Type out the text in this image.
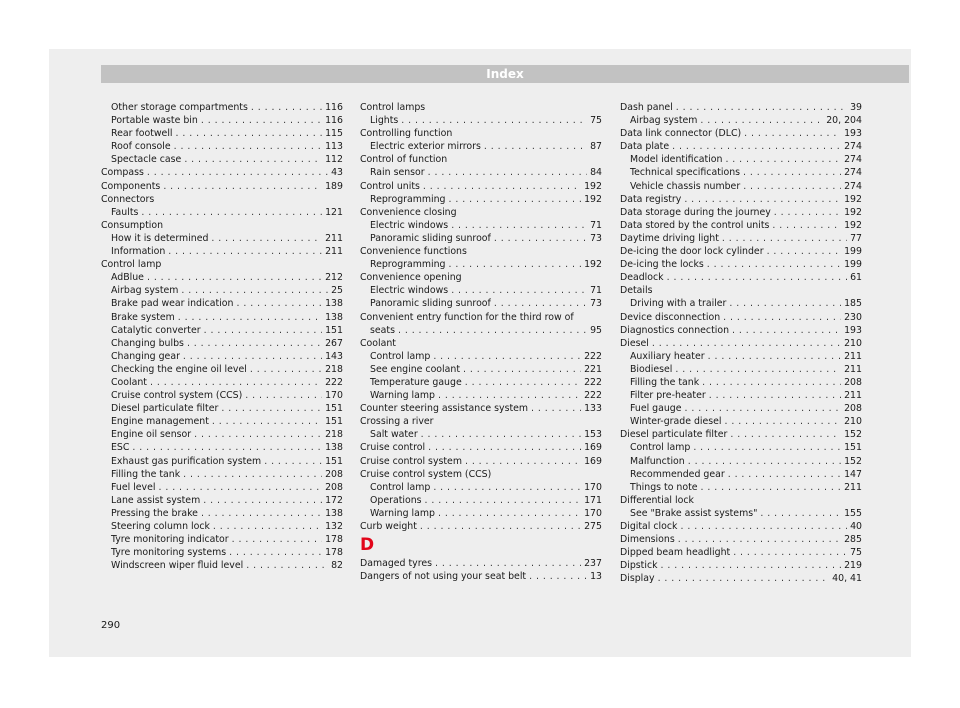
Index
Other storage compartments . . .	116
Portable waste bin . . .	116
Rear footwell . . .	115
Roof console . . .	113
Spectacle case . . .	112
Compass . . .	43
Components . . .	189
Connectors
Faults . . .	121
Consumption
How it is determined . . .	211
Information . . .	211
Control lamp
AdBlue . . .	212
Airbag system . . .	25
Brake pad wear indication . . .	138
Brake system . . .	138
Catalytic converter . . .	151
Changing bulbs . . .	267
Changing gear . . .	143
Checking the engine oil level . . .	218
Coolant . . .	222
Cruise control system (CCS) . . .	170
Diesel particulate filter . . .	151
Engine management . . .	151
Engine oil sensor . . .	218
ESC . . .	138
Exhaust gas purification system . . .	151
Filling the tank . . .	208
Fuel level . . .	208
Lane assist system . . .	172
Pressing the brake . . .	138
Steering column lock . . .	132
Tyre monitoring indicator . . .	178
Tyre monitoring systems . . .	178
Windscreen wiper fluid level . . .	82
Control lamps
Lights . . .	75
Controlling function
Electric exterior mirrors . . .	87
Control of function
Rain sensor . . .	84
Control units . . .	192
Reprogramming . . .	192
Convenience closing
Electric windows . . .	71
Panoramic sliding sunroof . . .	73
Convenience functions
Reprogramming . . .	192
Convenience opening
Electric windows . . .	71
Panoramic sliding sunroof . . .	73
Convenient entry function for the third row of
seats . . .	95
Coolant
Control lamp . . .	222
See engine coolant . . .	221
Temperature gauge . . .	222
Warning lamp . . .	222
Counter steering assistance system . . .	133
Crossing a river
Salt water . . .	153
Cruise control . . .	169
Cruise control system . . .	169
Cruise control system (CCS)
Control lamp . . .	170
Operations . . .	171
Warning lamp . . .	170
Curb weight . . .	275
D
Damaged tyres . . .	237
Dangers of not using your seat belt . . .	13
Dash panel . . .	39
Airbag system . . .	20, 204
Data link connector (DLC) . . .	193
Data plate . . .	274
Model identification . . .	274
Technical specifications . . .	274
Vehicle chassis number . . .	274
Data registry . . .	192
Data storage during the journey . . .	192
Data stored by the control units . . .	192
Daytime driving light . . .	77
De-icing the door lock cylinder . . .	199
De-icing the locks . . .	199
Deadlock . . .	61
Details
Driving with a trailer . . .	185
Device disconnection . . .	230
Diagnostics connection . . .	193
Diesel . . .	210
Auxiliary heater . . .	211
Biodiesel . . .	211
Filling the tank . . .	208
Filter pre-heater . . .	211
Fuel gauge . . .	208
Winter-grade diesel . . .	210
Diesel particulate filter . . .	152
Control lamp . . .	151
Malfunction . . .	152
Recommended gear . . .	147
Things to note . . .	211
Differential lock
See "Brake assist systems" . . .	155
Digital clock . . .	40
Dimensions . . .	285
Dipped beam headlight . . .	75
Dipstick . . .	219
Display . . .	40, 41
290
